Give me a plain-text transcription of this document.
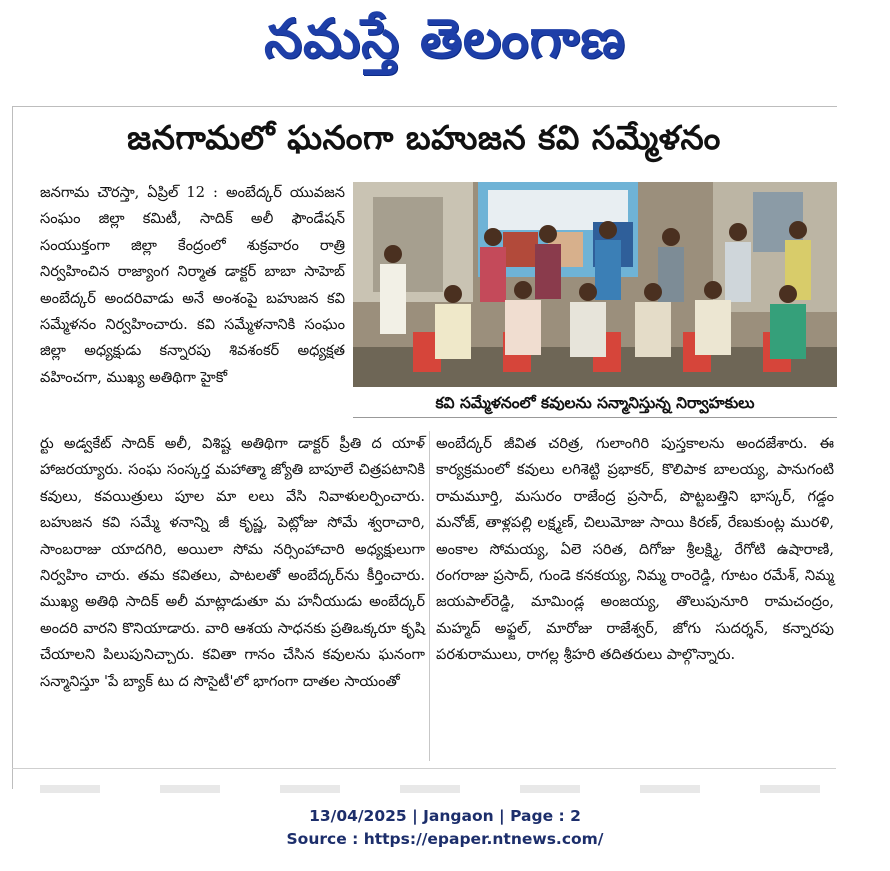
నమస్తే తెలంగాణ
జనగామలో ఘనంగా బహుజన కవి సమ్మేళనం
జనగామ చౌరస్తా, ఏప్రిల్ 12 : అంబేద్కర్ యువజన సంఘం జిల్లా కమిటీ, సాదిక్ అలీ ఫౌండేషన్ సంయుక్తంగా జిల్లా కేంద్రంలో శుక్రవారం రాత్రి నిర్వహించిన రాజ్యాంగ నిర్మాత డాక్టర్ బాబా సాహెబ్ అంబేద్కర్ అందరివాడు అనే అంశంపై బహుజన కవి సమ్మేళనం నిర్వహించారు. కవి సమ్మేళనానికి సంఘం జిల్లా అధ్యక్షుడు కన్నారపు శివశంకర్ అధ్యక్షత వహించగా, ముఖ్య అతిథిగా హైకో
కవి సమ్మేళనంలో కవులను సన్మానిస్తున్న నిర్వాహకులు
ర్టు అడ్వకేట్ సాదిక్ అలీ, విశిష్ట అతిథిగా డాక్టర్ ప్రీతి ద యాళ్ హాజరయ్యారు. సంఘ సంస్కర్త మహాత్మా జ్యోతి బాపూలే చిత్రపటానికి కవులు, కవయిత్రులు పూల మా లలు వేసి నివాళులర్పించారు. బహుజన కవి సమ్మే ళనాన్ని జీ కృష్ణ, పెట్లోజు సోమే శ్వరాచారి, సాంబరాజు యాదగిరి, అయిలా సోమ నర్సింహాచారి అధ్యక్షులుగా నిర్వహిం చారు. తమ కవితలు, పాటలతో అంబేద్కర్‌ను కీర్తించారు. ముఖ్య అతిథి సాదిక్ అలీ మాట్లాడుతూ మ హనీయుడు అంబేద్కర్ అందరి వారని కొనియాడారు. వారి ఆశయ సాధనకు ప్రతిఒక్కరూ కృషి చేయాలని పిలుపునిచ్చారు. కవితా గానం చేసిన కవులను ఘనంగా సన్మానిస్తూ 'పే బ్యాక్ టు ద సొసైటీ'లో భాగంగా దాతల సాయంతో
అంబేద్కర్ జీవిత చరిత్ర, గులాంగిరి పుస్తకాలను అందజేశారు. ఈ కార్యక్రమంలో కవులు లగిశెట్టి ప్రభాకర్, కొలిపాక బాలయ్య, పానుగంటి రామమూర్తి, మసురం రాజేంద్ర ప్రసాద్, పొట్టబత్తిని భాస్కర్, గడ్డం మనోజ్, తాళ్లపల్లి లక్ష్మణ్, చిలుమోజు సాయి కిరణ్, రేణుకుంట్ల మురళి, అంకాల సోమయ్య, ఏలె సరిత, దిగోజు శ్రీలక్ష్మి, రేగోటి ఉషారాణి, రంగరాజు ప్రసాద్, గుండె కనకయ్య, నిమ్మ రాంరెడ్డి, గూటం రమేశ్, నిమ్మ జయపాల్‌రెడ్డి, మామిండ్ల అంజయ్య, తొలుపునూరి రామచంద్రం, మహ్మద్ అఫ్జల్, మారోజు రాజేశ్వర్, జోగు సుదర్శన్, కన్నారపు పరశురాములు, రాగల్ల శ్రీహరి తదితరులు పాల్గొన్నారు.
13/04/2025 | Jangaon | Page : 2
Source : https://epaper.ntnews.com/
